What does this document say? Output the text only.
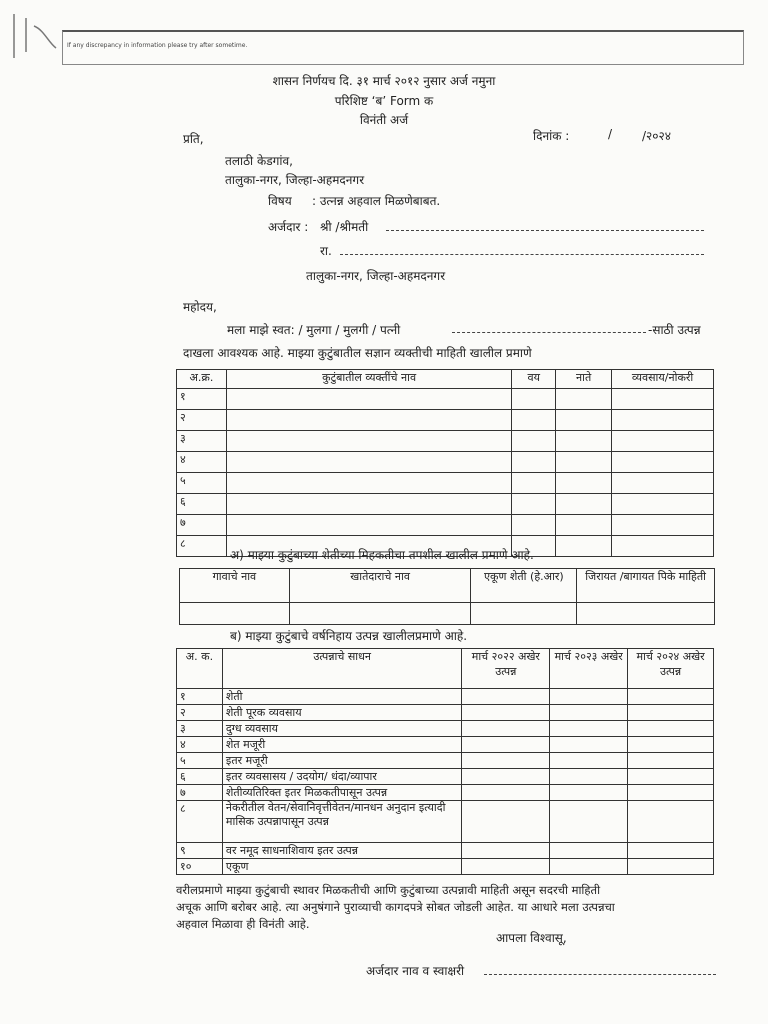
If any discrepancy in information please try after sometime.
शासन निर्णयच दि. ३१ मार्च २०१२ नुसार अर्ज नमुना
परिशिष्ट ‘ब’ Form क
विनंती अर्ज
प्रति,	दिनांक :	/ /२०२४
तलाठी केडगांव,
तालुका-नगर, जिल्हा-अहमदनगर
विषय : उत्नन्न अहवाल मिळणेबाबत.
अर्जदार : श्री /श्रीमती
रा.
तालुका-नगर, जिल्हा-अहमदनगर
महोदय,
मला माझे स्वत: / मुलगा / मुलगी / पत्नी	-साठी उत्पन्न
दाखला आवश्यक आहे. माझ्या कुटुंबातील सज्ञान व्यक्तीची माहिती खालील प्रमाणे
अ.क्र.	कुटुंबातील व्यक्तींचे नाव	वय	नाते	व्यवसाय/नोकरी
१				
२				
३				
४				
५				
६				
७				
८				
अ) माझ्या कुटुंबाच्या शेतीच्या मिहकतीचा तपशील खालील प्रमाणे आहे.
गावाचे नाव	खातेदाराचे नाव	एकूण शेती (हे.आर)	जिरायत /बागायत पिके माहिती

ब) माझ्या कुटुंबाचे वर्षनिहाय उत्पन्न खालीलप्रमाणे आहे.
अ. क.	उत्पन्नाचे साधन	मार्च २०२२ अखेर उत्पन्न	मार्च २०२३ अखेर	मार्च २०२४ अखेर उत्पन्न
१	शेती			
२	शेती पूरक व्यवसाय			
३	दुग्ध व्यवसाय			
४	शेत मजूरी			
५	इतर मजूरी			
६	इतर व्यवसासय / उदयोग/ धंदा/व्यापार			
७	शेतीव्यतिरिक्त इतर मिळकतीपासून उत्पन्न			
८	नेकरीतील वेतन/सेवानिवृत्तीवेतन/मानधन अनुदान इत्यादी मासिक उत्पन्नापासून उत्पन्न			
९	वर नमूद साधनाशिवाय इतर उत्पन्न			
१०	एकूण			
वरीलप्रमाणे माझ्या कुटुंबाची स्थावर मिळकतीची आणि कुटुंबाच्या उत्पन्नावी माहिती असून सदरची माहिती
अचूक आणि बरोबर आहे. त्या अनुषंगाने पुराव्याची कागदपत्रे सोबत जोडली आहेत. या आधारे मला उत्पन्नचा
अहवाल मिळावा ही विनंती आहे.
आपला विश्वासू,
अर्जदार नाव व स्वाक्षरी
